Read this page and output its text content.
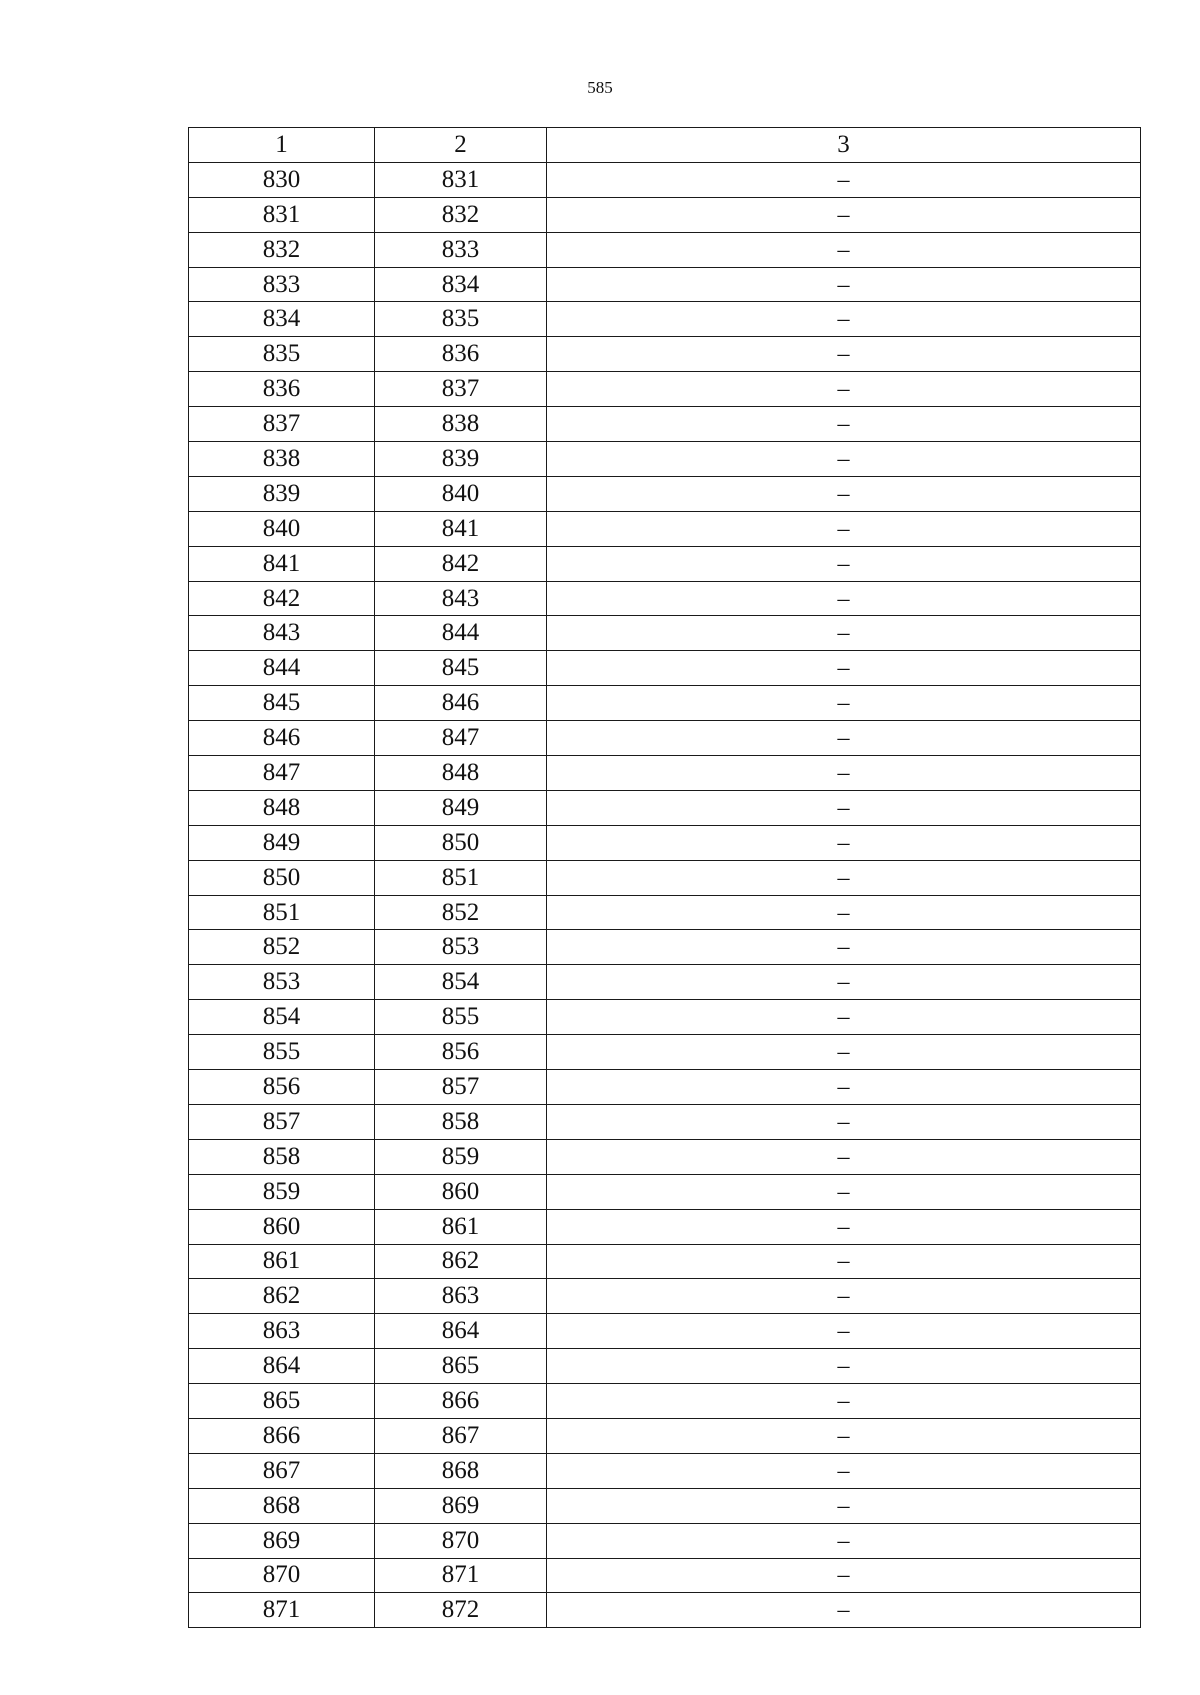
585
1	2	3
830	831	–
831	832	–
832	833	–
833	834	–
834	835	–
835	836	–
836	837	–
837	838	–
838	839	–
839	840	–
840	841	–
841	842	–
842	843	–
843	844	–
844	845	–
845	846	–
846	847	–
847	848	–
848	849	–
849	850	–
850	851	–
851	852	–
852	853	–
853	854	–
854	855	–
855	856	–
856	857	–
857	858	–
858	859	–
859	860	–
860	861	–
861	862	–
862	863	–
863	864	–
864	865	–
865	866	–
866	867	–
867	868	–
868	869	–
869	870	–
870	871	–
871	872	–
